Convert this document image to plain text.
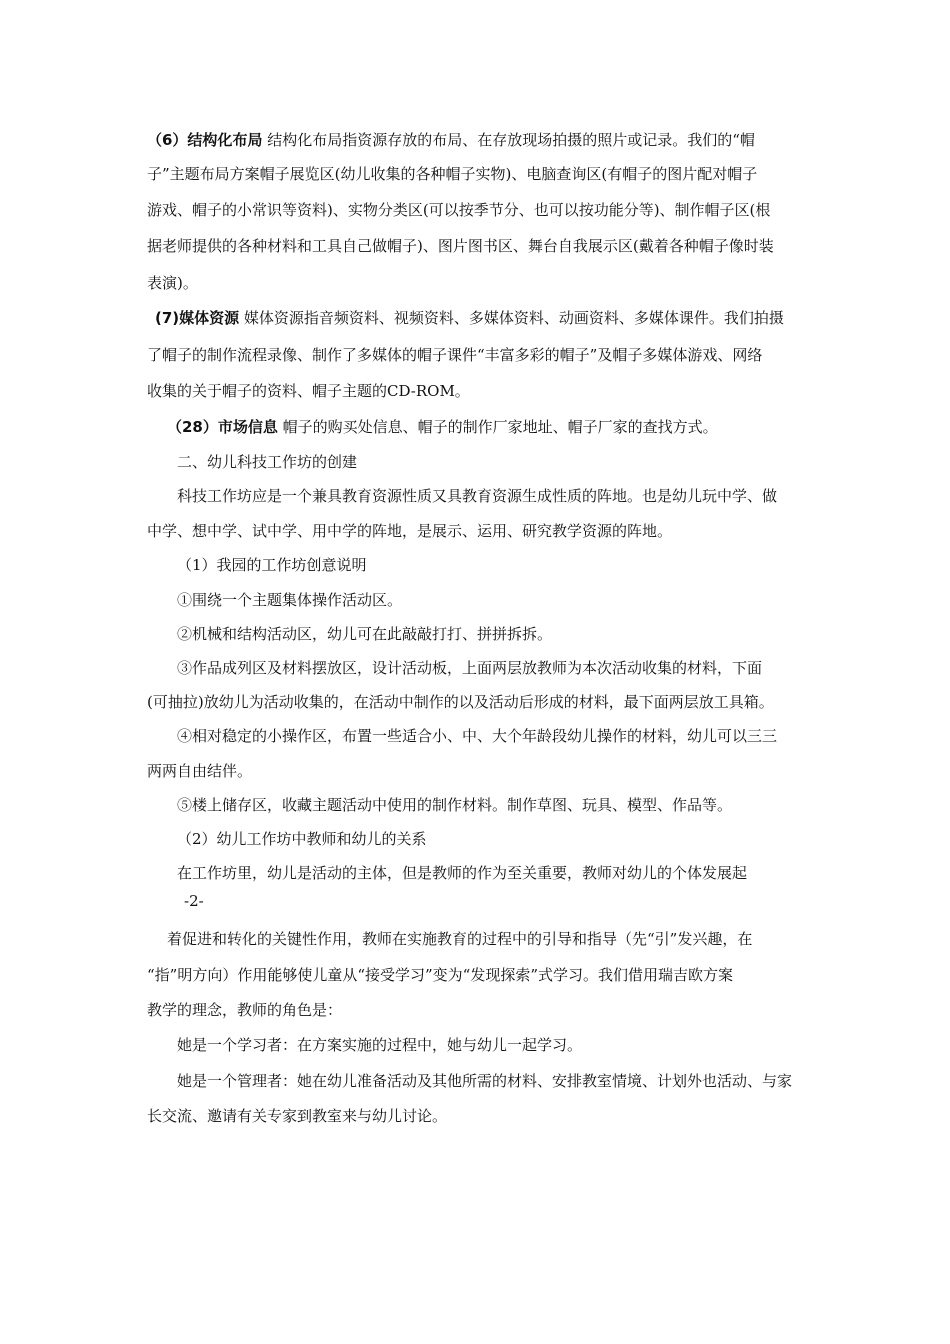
（6）结构化布局 结构化布局指资源存放的布局、在存放现场拍摄的照片或记录。我们的“帽
子”主题布局方案帽子展览区(幼儿收集的各种帽子实物)、电脑查询区(有帽子的图片配对帽子
游戏、帽子的小常识等资料)、实物分类区(可以按季节分、也可以按功能分等)、制作帽子区(根
据老师提供的各种材料和工具自己做帽子)、图片图书区、舞台自我展示区(戴着各种帽子像时装
表演)。
(7)媒体资源 媒体资源指音频资料、视频资料、多媒体资料、动画资料、多媒体课件。我们拍摄
了帽子的制作流程录像、制作了多媒体的帽子课件“丰富多彩的帽子”及帽子多媒体游戏、网络
收集的关于帽子的资料、帽子主题的CD-ROM。
（28）市场信息 帽子的购买处信息、帽子的制作厂家地址、帽子厂家的查找方式。
二、幼儿科技工作坊的创建
科技工作坊应是一个兼具教育资源性质又具教育资源生成性质的阵地。也是幼儿玩中学、做
中学、想中学、试中学、用中学的阵地，是展示、运用、研究教学资源的阵地。
（1）我园的工作坊创意说明
①围绕一个主题集体操作活动区。
②机械和结构活动区，幼儿可在此敲敲打打、拼拼拆拆。
③作品成列区及材料摆放区，设计活动板，上面两层放教师为本次活动收集的材料，下面
(可抽拉)放幼儿为活动收集的，在活动中制作的以及活动后形成的材料，最下面两层放工具箱。
④相对稳定的小操作区，布置一些适合小、中、大个年龄段幼儿操作的材料，幼儿可以三三
两两自由结伴。
⑤楼上储存区，收藏主题活动中使用的制作材料。制作草图、玩具、模型、作品等。
（2）幼儿工作坊中教师和幼儿的关系
在工作坊里，幼儿是活动的主体，但是教师的作为至关重要，教师对幼儿的个体发展起
-2-
着促进和转化的关键性作用，教师在实施教育的过程中的引导和指导（先“引”发兴趣，在
“指”明方向）作用能够使儿童从“接受学习”变为“发现探索”式学习。我们借用瑞吉欧方案
教学的理念，教师的角色是：
她是一个学习者：在方案实施的过程中，她与幼儿一起学习。
她是一个管理者：她在幼儿准备活动及其他所需的材料、安排教室情境、计划外也活动、与家
长交流、邀请有关专家到教室来与幼儿讨论。
